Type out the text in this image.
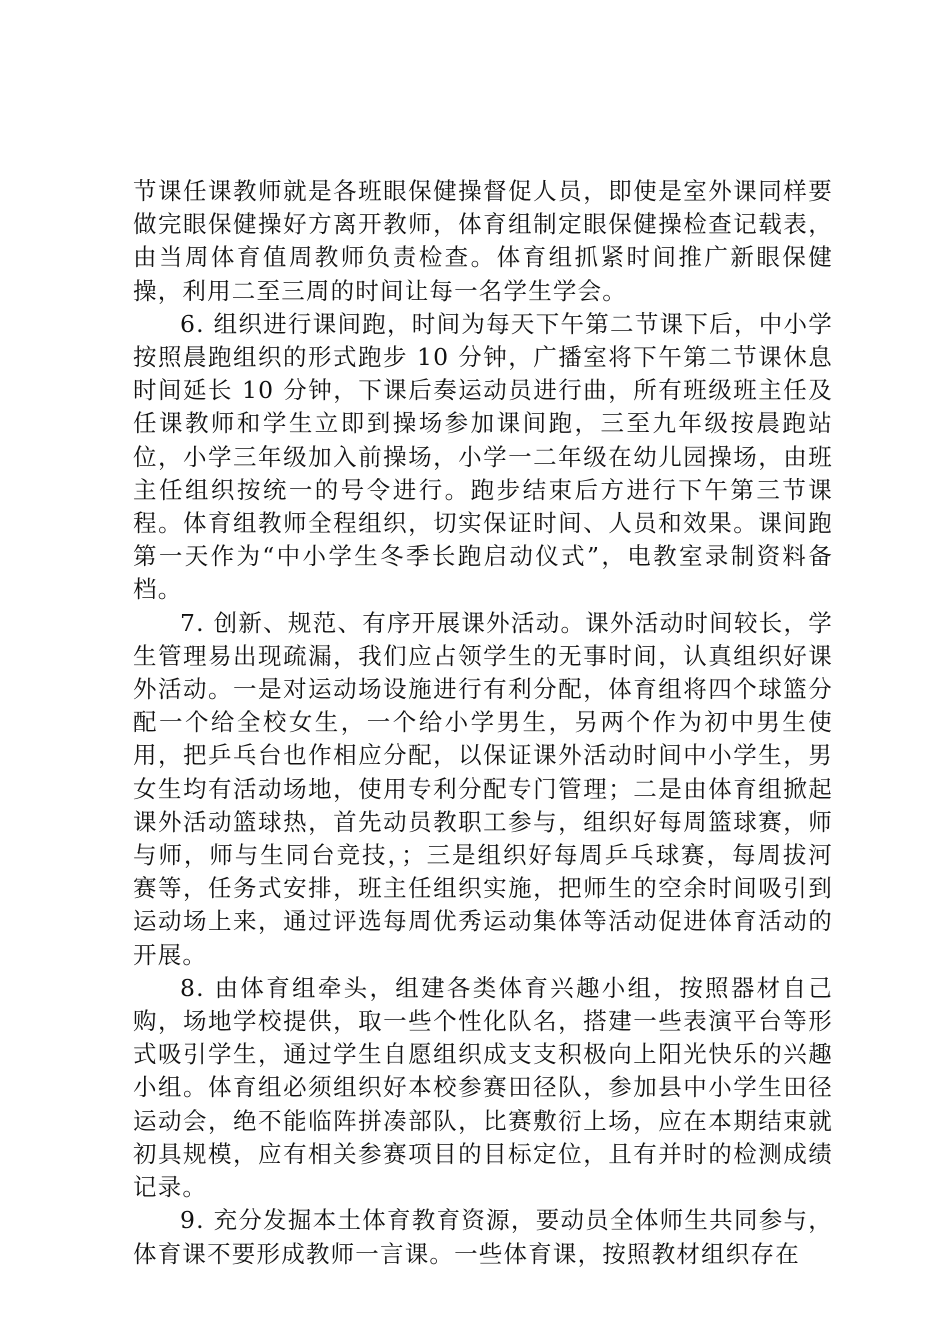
节课任课教师就是各班眼保健操督促人员，即使是室外课同样要做完眼保健操好方离开教师，体育组制定眼保健操检查记载表，由当周体育值周教师负责检查。体育组抓紧时间推广新眼保健操，利用二至三周的时间让每一名学生学会。

6. 组织进行课间跑，时间为每天下午第二节课下后，中小学按照晨跑组织的形式跑步 10 分钟，广播室将下午第二节课休息时间延长 10 分钟，下课后奏运动员进行曲，所有班级班主任及任课教师和学生立即到操场参加课间跑，三至九年级按晨跑站位，小学三年级加入前操场，小学一二年级在幼儿园操场，由班主任组织按统一的号令进行。跑步结束后方进行下午第三节课程。体育组教师全程组织，切实保证时间、人员和效果。课间跑第一天作为“中小学生冬季长跑启动仪式”，电教室录制资料备档。

7. 创新、规范、有序开展课外活动。课外活动时间较长，学生管理易出现疏漏，我们应占领学生的无事时间，认真组织好课外活动。一是对运动场设施进行有利分配，体育组将四个球篮分配一个给全校女生，一个给小学男生，另两个作为初中男生使用，把乒乓台也作相应分配，以保证课外活动时间中小学生，男女生均有活动场地，使用专利分配专门管理；二是由体育组掀起课外活动篮球热，首先动员教职工参与，组织好每周篮球赛，师与师，师与生同台竞技，；三是组织好每周乒乓球赛，每周拔河赛等，任务式安排，班主任组织实施，把师生的空余时间吸引到运动场上来，通过评选每周优秀运动集体等活动促进体育活动的开展。

8. 由体育组牵头，组建各类体育兴趣小组，按照器材自己购，场地学校提供，取一些个性化队名，搭建一些表演平台等形式吸引学生，通过学生自愿组织成支支积极向上阳光快乐的兴趣小组。体育组必须组织好本校参赛田径队，参加县中小学生田径运动会，绝不能临阵拼凑部队，比赛敷衍上场，应在本期结束就初具规模，应有相关参赛项目的目标定位，且有并时的检测成绩记录。

9. 充分发掘本土体育教育资源，要动员全体师生共同参与，体育课不要形成教师一言课。一些体育课，按照教材组织存在
